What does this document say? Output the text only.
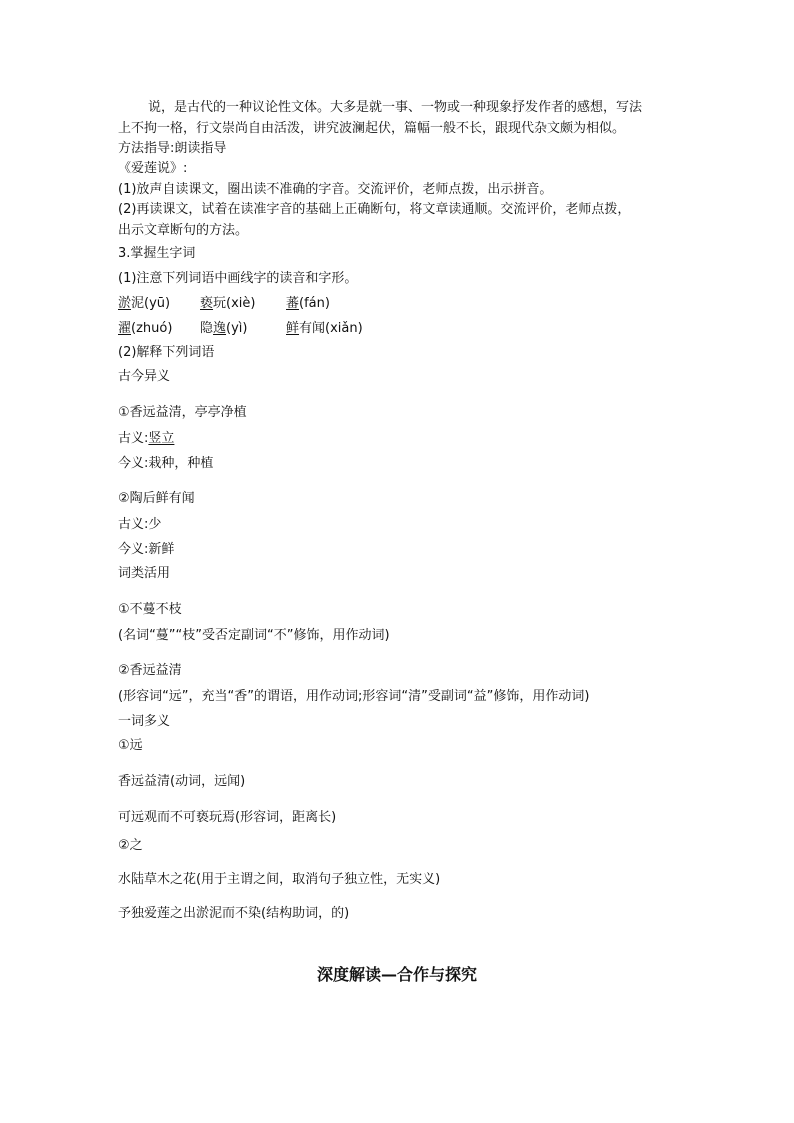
说，是古代的一种议论性文体。大多是就一事、一物或一种现象抒发作者的感想，写法
上不拘一格，行文崇尚自由活泼，讲究波澜起伏，篇幅一般不长，跟现代杂文颇为相似。
方法指导:朗读指导
《爱莲说》:
(1)放声自读课文，圈出读不准确的字音。交流评价，老师点拨，出示拼音。
(2)再读课文，试着在读准字音的基础上正确断句，将文章读通顺。交流评价，老师点拨，
出示文章断句的方法。
3.掌握生字词
(1)注意下列词语中画线字的读音和字形。
淤泥(yū) 亵玩(xiè) 蕃(fán)
濯(zhuó) 隐逸(yì)	鲜有闻(xiǎn)
(2)解释下列词语
古今异义
①香远益清，亭亭净植
古义:竖立
今义:栽种，种植
②陶后鲜有闻
古义:少
今义:新鲜
词类活用
①不蔓不枝
(名词“蔓”“枝”受否定副词“不”修饰，用作动词)
②香远益清
(形容词“远”，充当“香”的谓语，用作动词;形容词“清”受副词“益”修饰，用作动词)
一词多义
①远
香远益清(动词，远闻)
可远观而不可亵玩焉(形容词，距离长)
②之
水陆草木之花(用于主谓之间，取消句子独立性，无实义)
予独爱莲之出淤泥而不染(结构助词，的)
深度解读—合作与探究
